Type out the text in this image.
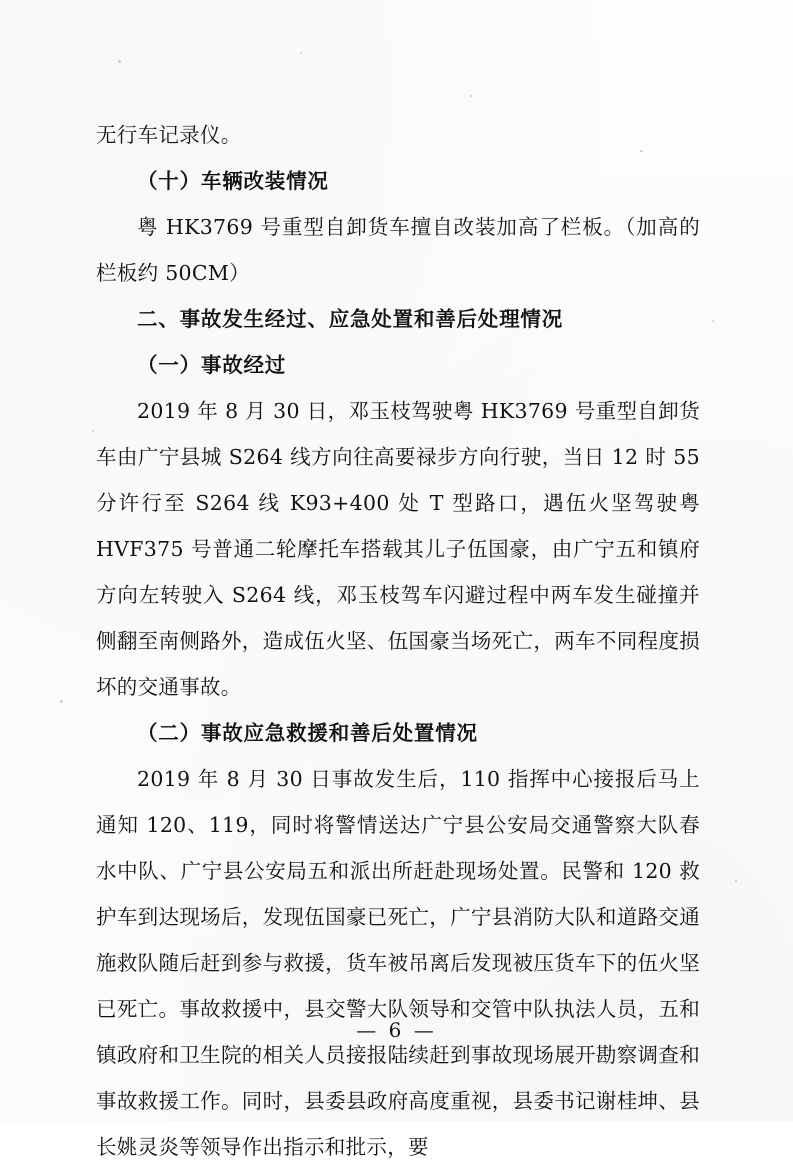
无行车记录仪。

（十）车辆改装情况

粤 HK3769 号重型自卸货车擅自改装加高了栏板。（加高的栏板约 50CM）

二、事故发生经过、应急处置和善后处理情况

（一）事故经过

2019 年 8 月 30 日，邓玉枝驾驶粤 HK3769 号重型自卸货车由广宁县城 S264 线方向往高要禄步方向行驶，当日 12 时 55 分许行至 S264 线 K93+400 处 T 型路口，遇伍火坚驾驶粤 HVF375 号普通二轮摩托车搭载其儿子伍国豪，由广宁五和镇府方向左转驶入 S264 线，邓玉枝驾车闪避过程中两车发生碰撞并侧翻至南侧路外，造成伍火坚、伍国豪当场死亡，两车不同程度损坏的交通事故。

（二）事故应急救援和善后处置情况

2019 年 8 月 30 日事故发生后，110 指挥中心接报后马上通知 120、119，同时将警情送达广宁县公安局交通警察大队春水中队、广宁县公安局五和派出所赶赴现场处置。民警和 120 救护车到达现场后，发现伍国豪已死亡，广宁县消防大队和道路交通施救队随后赶到参与救援，货车被吊离后发现被压货车下的伍火坚已死亡。事故救援中，县交警大队领导和交管中队执法人员，五和镇政府和卫生院的相关人员接报陆续赶到事故现场展开勘察调查和事故救援工作。同时，县委县政府高度重视，县委书记谢桂坤、县长姚灵炎等领导作出指示和批示，要

— 6 —
